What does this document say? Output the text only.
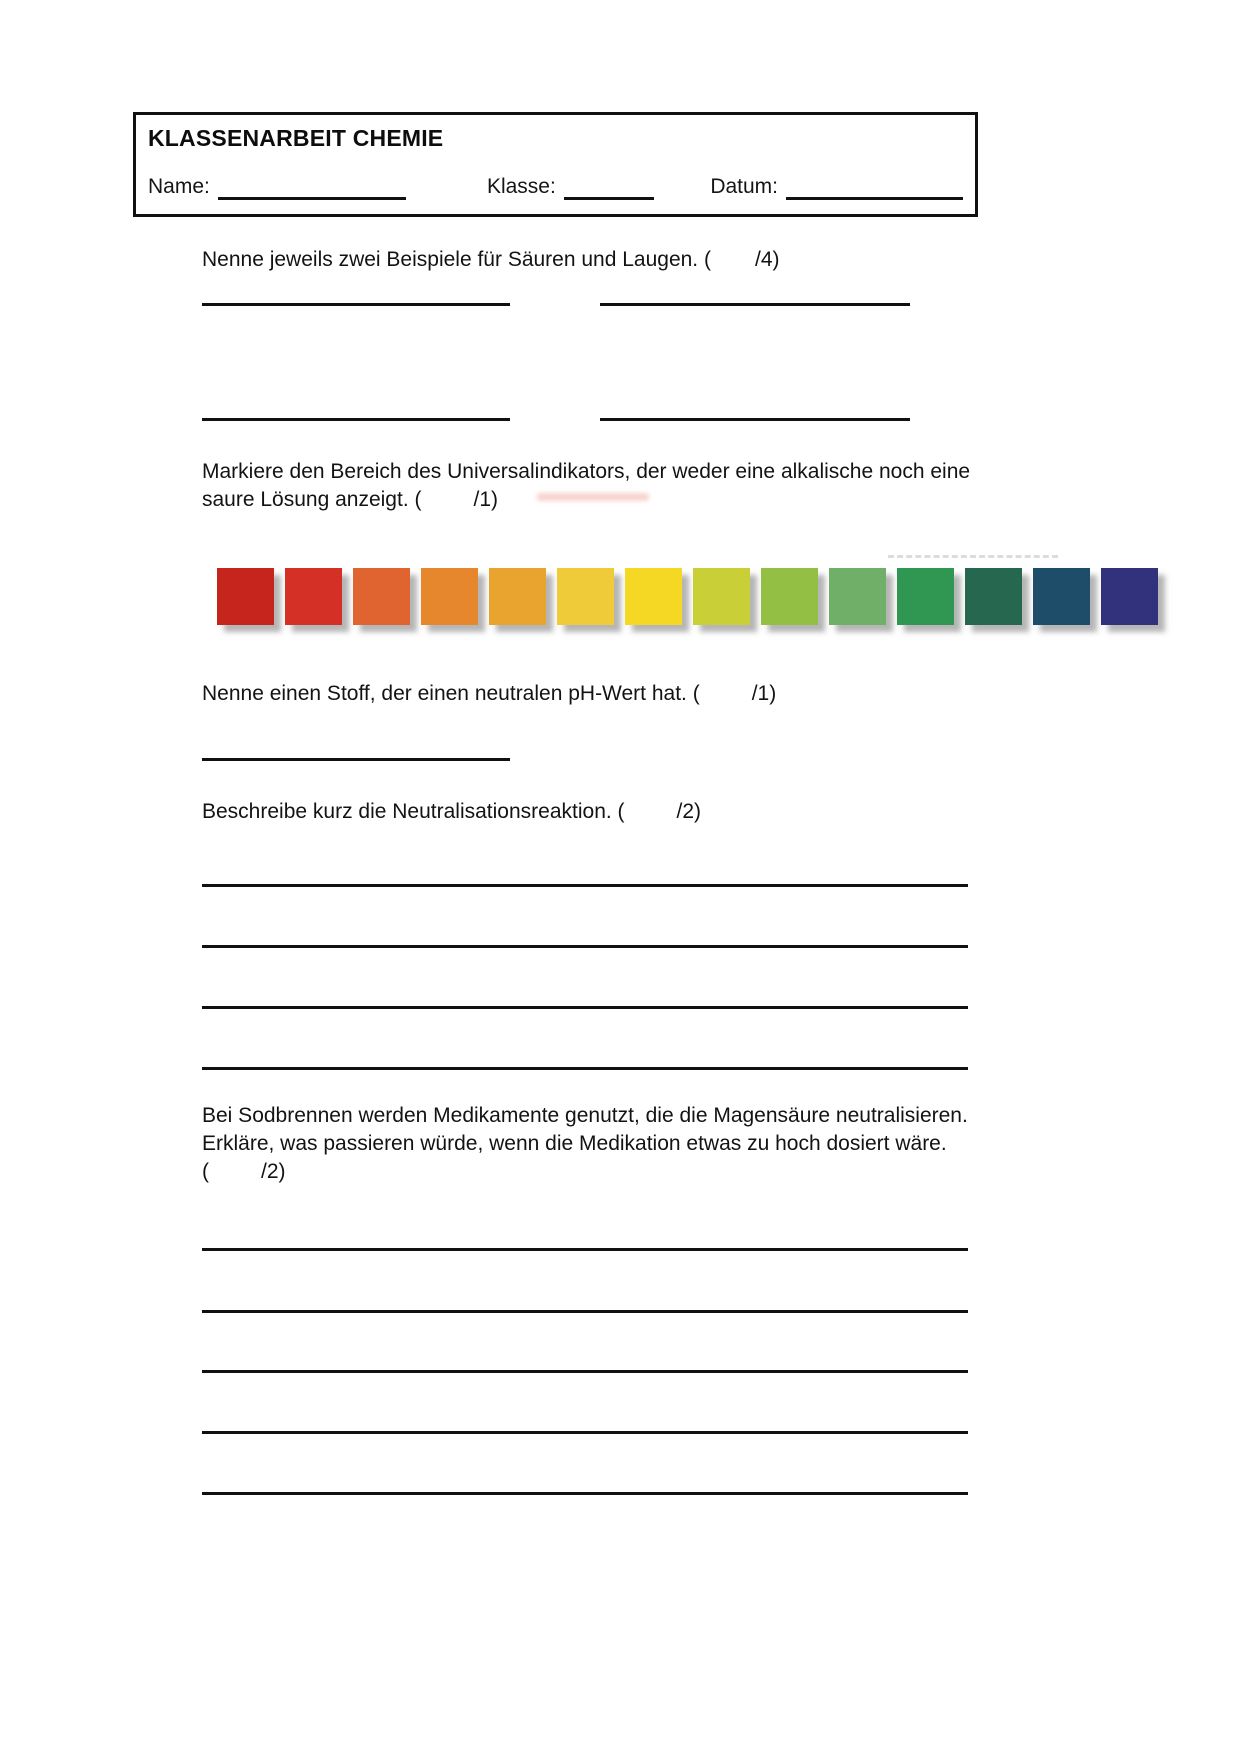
KLASSENARBEIT CHEMIE
Name:	Klasse:	Datum:
Nenne jeweils zwei Beispiele für Säuren und Laugen. ( /4)
Markiere den Bereich des Universalindikators, der weder eine alkalische noch eine saure Lösung anzeigt. ( /1)
Nenne einen Stoff, der einen neutralen pH-Wert hat. ( /1)
Beschreibe kurz die Neutralisationsreaktion. ( /2)
Bei Sodbrennen werden Medikamente genutzt, die die Magensäure neutralisieren. Erkläre, was passieren würde, wenn die Medikation etwas zu hoch dosiert wäre.
( /2)
